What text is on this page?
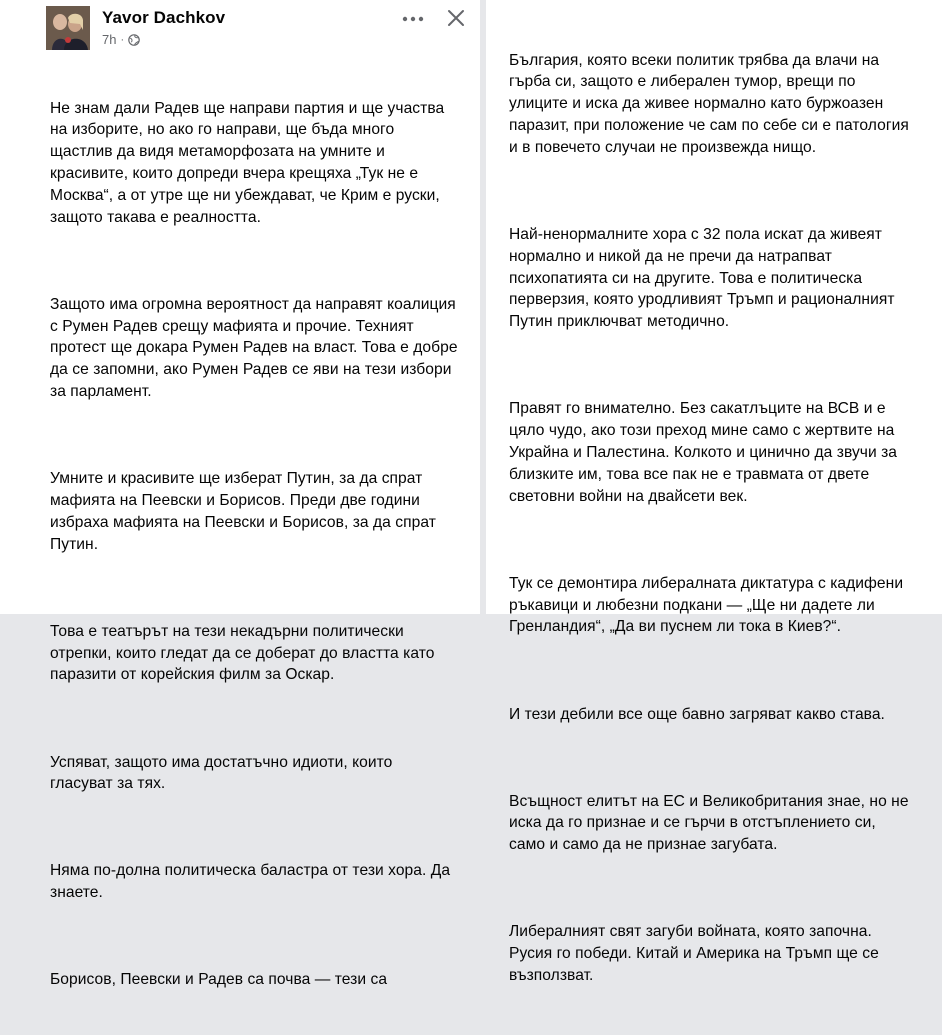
Yavor Dachkov
7h ·

Не знам дали Радев ще направи партия и ще участва
на изборите, но ако го направи, ще бъда много
щастлив да видя метаморфозата на умните и
красивите, които допреди вчера крещяха „Тук не е
Москва“, а от утре ще ни убеждават, че Крим е руски,
защото такава е реалността.

Защото има огромна вероятност да направят коалиция
с Румен Радев срещу мафията и прочие. Техният
протест ще докара Румен Радев на власт. Това е добре
да се запомни, ако Румен Радев се яви на тези избори
за парламент.

Умните и красивите ще изберат Путин, за да спрат
мафията на Пеевски и Борисов. Преди две години
избраха мафията на Пеевски и Борисов, за да спрат
Путин.

Това е театърът на тези некадърни политически
отрепки, които гледат да се доберат до властта като
паразити от корейския филм за Оскар.

Успяват, защото има достатъчно идиоти, които
гласуват за тях.

Няма по-долна политическа баластра от тези хора. Да
знаете.

Борисов, Пеевски и Радев са почва — тези са

България, която всеки политик трябва да влачи на
гърба си, защото е либерален тумор, врещи по
улиците и иска да живее нормално като буржоазен
паразит, при положение че сам по себе си е патология
и в повечето случаи не произвежда нищо.

Най-ненормалните хора с 32 пола искат да живеят
нормално и никой да не пречи да натрапват
психопатията си на другите. Това е политическа
перверзия, която уродливият Тръмп и рационалният
Путин приключват методично.

Правят го внимателно. Без сакатлъците на ВСВ и е
цяло чудо, ако този преход мине само с жертвите на
Украйна и Палестина. Колкото и цинично да звучи за
близките им, това все пак не е травмата от двете
световни войни на двайсети век.

Тук се демонтира либералната диктатура с кадифени
ръкавици и любезни подкани — „Ще ни дадете ли
Гренландия“, „Да ви пуснем ли тока в Киев?“.

И тези дебили все още бавно загряват какво става.

Всъщност елитът на ЕС и Великобритания знае, но не
иска да го признае и се гърчи в отстъплението си,
само и само да не признае загубата.

Либералният свят загуби войната, която започна.
Русия го победи. Китай и Америка на Тръмп ще се
възползват.
